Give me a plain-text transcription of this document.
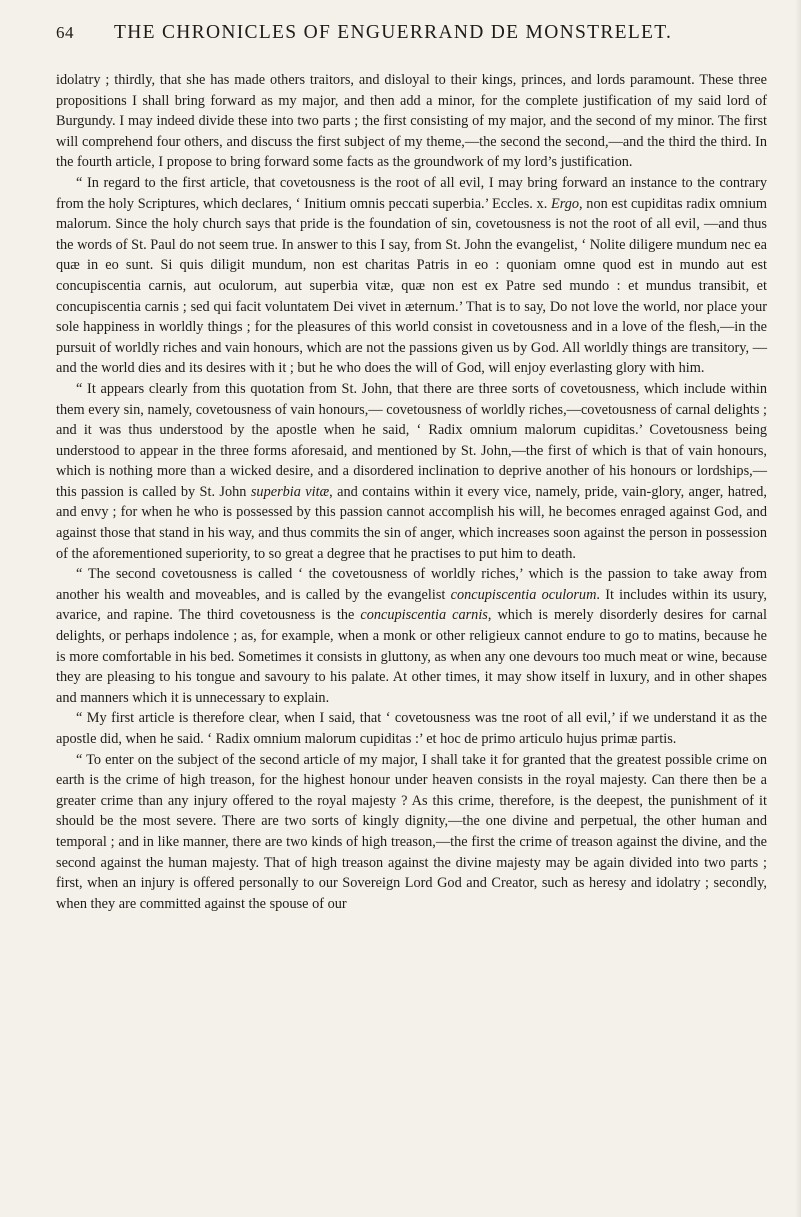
64	THE CHRONICLES OF ENGUERRAND DE MONSTRELET.

idolatry ; thirdly, that she has made others traitors, and disloyal to their kings, princes, and lords paramount. These three propositions I shall bring forward as my major, and then add a minor, for the complete justification of my said lord of Burgundy. I may indeed divide these into two parts ; the first consisting of my major, and the second of my minor. The first will comprehend four others, and discuss the first subject of my theme,—the second the second,—and the third the third. In the fourth article, I propose to bring forward some facts as the groundwork of my lord’s justification.

“ In regard to the first article, that covetousness is the root of all evil, I may bring forward an instance to the contrary from the holy Scriptures, which declares, ‘ Initium omnis peccati superbia.’ Eccles. x. Ergo, non est cupiditas radix omnium malorum. Since the holy church says that pride is the foundation of sin, covetousness is not the root of all evil, —and thus the words of St. Paul do not seem true. In answer to this I say, from St. John the evangelist, ‘ Nolite diligere mundum nec ea quæ in eo sunt. Si quis diligit mundum, non est charitas Patris in eo : quoniam omne quod est in mundo aut est concupiscentia carnis, aut oculorum, aut superbia vitæ, quæ non est ex Patre sed mundo : et mundus transibit, et concupiscentia carnis ; sed qui facit voluntatem Dei vivet in æternum.’ That is to say, Do not love the world, nor place your sole happiness in worldly things ; for the pleasures of this world consist in covetousness and in a love of the flesh,—in the pursuit of worldly riches and vain honours, which are not the passions given us by God. All worldly things are transitory, —and the world dies and its desires with it ; but he who does the will of God, will enjoy everlasting glory with him.

“ It appears clearly from this quotation from St. John, that there are three sorts of covetousness, which include within them every sin, namely, covetousness of vain honours,— covetousness of worldly riches,—covetousness of carnal delights ; and it was thus understood by the apostle when he said, ‘ Radix omnium malorum cupiditas.’ Covetousness being understood to appear in the three forms aforesaid, and mentioned by St. John,—the first of which is that of vain honours, which is nothing more than a wicked desire, and a disordered inclination to deprive another of his honours or lordships,—this passion is called by St. John superbia vitæ, and contains within it every vice, namely, pride, vain-glory, anger, hatred, and envy ; for when he who is possessed by this passion cannot accomplish his will, he becomes enraged against God, and against those that stand in his way, and thus commits the sin of anger, which increases soon against the person in possession of the aforementioned superiority, to so great a degree that he practises to put him to death.

“ The second covetousness is called ‘ the covetousness of worldly riches,’ which is the passion to take away from another his wealth and moveables, and is called by the evangelist concupiscentia oculorum. It includes within its usury, avarice, and rapine. The third covetousness is the concupiscentia carnis, which is merely disorderly desires for carnal delights, or perhaps indolence ; as, for example, when a monk or other religieux cannot endure to go to matins, because he is more comfortable in his bed. Sometimes it consists in gluttony, as when any one devours too much meat or wine, because they are pleasing to his tongue and savoury to his palate. At other times, it may show itself in luxury, and in other shapes and manners which it is unnecessary to explain.

“ My first article is therefore clear, when I said, that ‘ covetousness was tne root of all evil,’ if we understand it as the apostle did, when he said. ‘ Radix omnium malorum cupiditas :’ et hoc de primo articulo hujus primæ partis.

“ To enter on the subject of the second article of my major, I shall take it for granted that the greatest possible crime on earth is the crime of high treason, for the highest honour under heaven consists in the royal majesty. Can there then be a greater crime than any injury offered to the royal majesty ? As this crime, therefore, is the deepest, the punishment of it should be the most severe. There are two sorts of kingly dignity,—the one divine and perpetual, the other human and temporal ; and in like manner, there are two kinds of high treason,—the first the crime of treason against the divine, and the second against the human majesty. That of high treason against the divine majesty may be again divided into two parts ; first, when an injury is offered personally to our Sovereign Lord God and Creator, such as heresy and idolatry ; secondly, when they are committed against the spouse of our
